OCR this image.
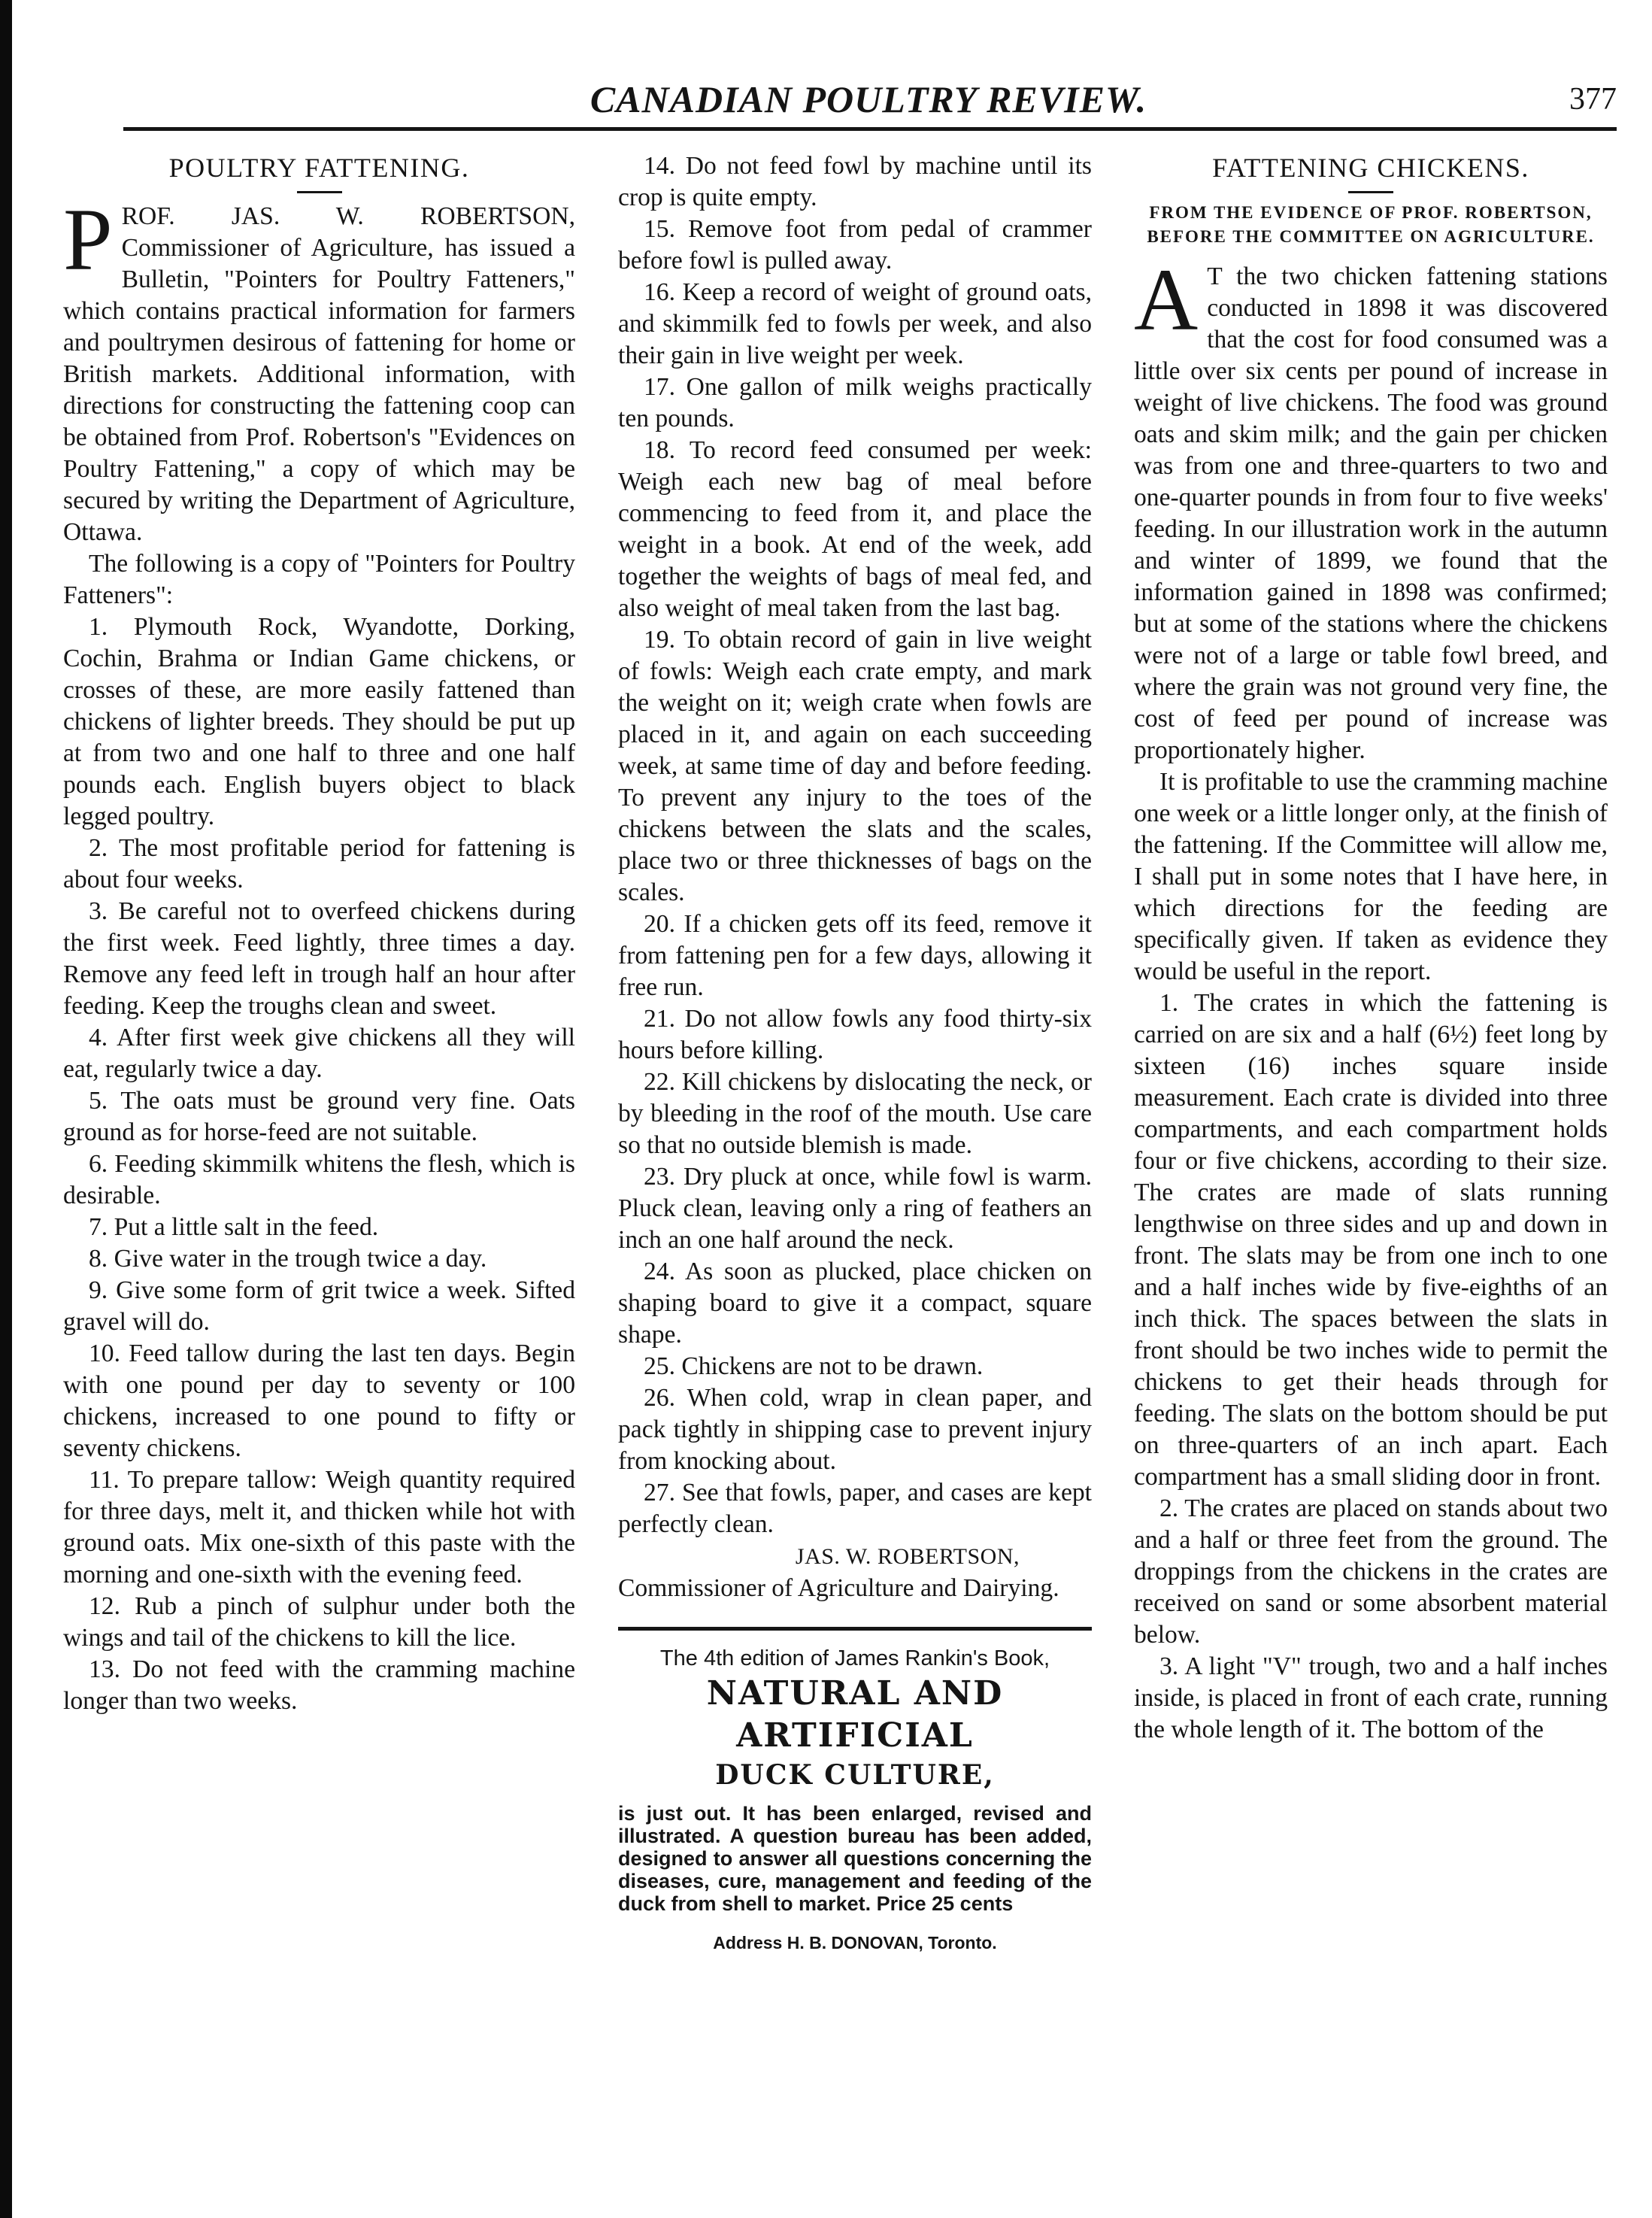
CANADIAN POULTRY REVIEW.	377

POULTRY FATTENING.

PROF. JAS. W. ROBERTSON, Commissioner of Agriculture, has issued a Bulletin, "Pointers for Poultry Fatteners," which contains practical information for farmers and poultrymen desirous of fattening for home or British markets. Additional information, with directions for constructing the fattening coop can be obtained from Prof. Robertson's "Evidences on Poultry Fattening," a copy of which may be secured by writing the Department of Agriculture, Ottawa.

The following is a copy of "Pointers for Poultry Fatteners":

1. Plymouth Rock, Wyandotte, Dorking, Cochin, Brahma or Indian Game chickens, or crosses of these, are more easily fattened than chickens of lighter breeds. They should be put up at from two and one half to three and one half pounds each. English buyers object to black legged poultry.

2. The most profitable period for fattening is about four weeks.

3. Be careful not to overfeed chickens during the first week. Feed lightly, three times a day. Remove any feed left in trough half an hour after feeding. Keep the troughs clean and sweet.

4. After first week give chickens all they will eat, regularly twice a day.

5. The oats must be ground very fine. Oats ground as for horse-feed are not suitable.

6. Feeding skimmilk whitens the flesh, which is desirable.

7. Put a little salt in the feed.

8. Give water in the trough twice a day.

9. Give some form of grit twice a week. Sifted gravel will do.

10. Feed tallow during the last ten days. Begin with one pound per day to seventy or 100 chickens, increased to one pound to fifty or seventy chickens.

11. To prepare tallow: Weigh quantity required for three days, melt it, and thicken while hot with ground oats. Mix one-sixth of this paste with the morning and one-sixth with the evening feed.

12. Rub a pinch of sulphur under both the wings and tail of the chickens to kill the lice.

13. Do not feed with the cramming machine longer than two weeks.

14. Do not feed fowl by machine until its crop is quite empty.

15. Remove foot from pedal of crammer before fowl is pulled away.

16. Keep a record of weight of ground oats, and skimmilk fed to fowls per week, and also their gain in live weight per week.

17. One gallon of milk weighs practically ten pounds.

18. To record feed consumed per week: Weigh each new bag of meal before commencing to feed from it, and place the weight in a book. At end of the week, add together the weights of bags of meal fed, and also weight of meal taken from the last bag.

19. To obtain record of gain in live weight of fowls: Weigh each crate empty, and mark the weight on it; weigh crate when fowls are placed in it, and again on each succeeding week, at same time of day and before feeding. To prevent any injury to the toes of the chickens between the slats and the scales, place two or three thicknesses of bags on the scales.

20. If a chicken gets off its feed, remove it from fattening pen for a few days, allowing it free run.

21. Do not allow fowls any food thirty-six hours before killing.

22. Kill chickens by dislocating the neck, or by bleeding in the roof of the mouth. Use care so that no outside blemish is made.

23. Dry pluck at once, while fowl is warm. Pluck clean, leaving only a ring of feathers an inch an one half around the neck.

24. As soon as plucked, place chicken on shaping board to give it a compact, square shape.

25. Chickens are not to be drawn.

26. When cold, wrap in clean paper, and pack tightly in shipping case to prevent injury from knocking about.

27. See that fowls, paper, and cases are kept perfectly clean.

JAS. W. ROBERTSON,

Commissioner of Agriculture and Dairying.

The 4th edition of James Rankin's Book,

NATURAL AND ARTIFICIAL

DUCK CULTURE,

is just out. It has been enlarged, revised and illustrated. A question bureau has been added, designed to answer all questions concerning the diseases, cure, management and feeding of the duck from shell to market. Price 25 cents

Address H. B. DONOVAN, Toronto.

FATTENING CHICKENS.

FROM THE EVIDENCE OF PROF. ROBERTSON, BEFORE THE COMMITTEE ON AGRICULTURE.

A T the two chicken fattening stations conducted in 1898 it was discovered that the cost for food consumed was a little over six cents per pound of increase in weight of live chickens. The food was ground oats and skim milk; and the gain per chicken was from one and three-quarters to two and one-quarter pounds in from four to five weeks' feeding. In our illustration work in the autumn and winter of 1899, we found that the information gained in 1898 was confirmed; but at some of the stations where the chickens were not of a large or table fowl breed, and where the grain was not ground very fine, the cost of feed per pound of increase was proportionately higher.

It is profitable to use the cramming machine one week or a little longer only, at the finish of the fattening. If the Committee will allow me, I shall put in some notes that I have here, in which directions for the feeding are specifically given. If taken as evidence they would be useful in the report.

1. The crates in which the fattening is carried on are six and a half (6½) feet long by sixteen (16) inches square inside measurement. Each crate is divided into three compartments, and each compartment holds four or five chickens, according to their size. The crates are made of slats running lengthwise on three sides and up and down in front. The slats may be from one inch to one and a half inches wide by five-eighths of an inch thick. The spaces between the slats in front should be two inches wide to permit the chickens to get their heads through for feeding. The slats on the bottom should be put on three-quarters of an inch apart. Each compartment has a small sliding door in front.

2. The crates are placed on stands about two and a half or three feet from the ground. The droppings from the chickens in the crates are received on sand or some absorbent material below.

3. A light "V" trough, two and a half inches inside, is placed in front of each crate, running the whole length of it. The bottom of the
